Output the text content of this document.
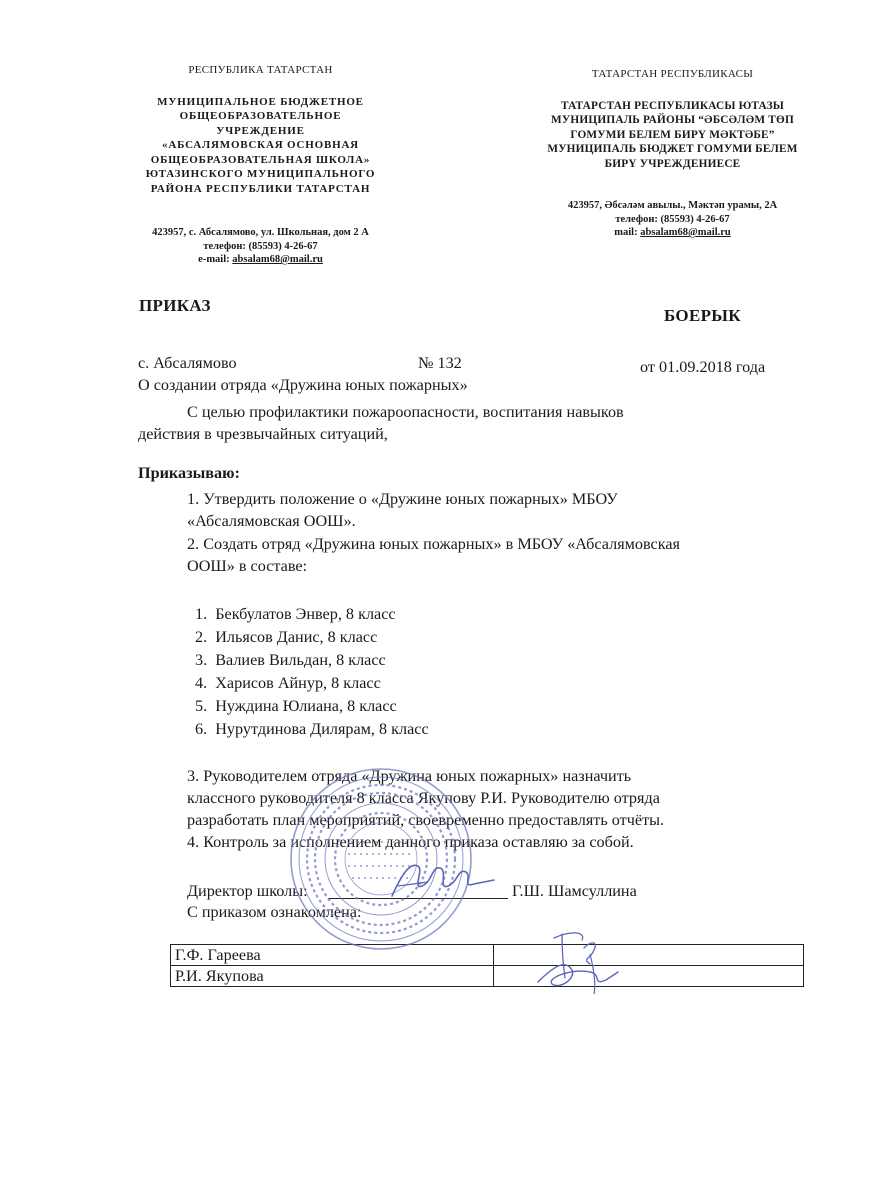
РЕСПУБЛИКА ТАТАРСТАН
МУНИЦИПАЛЬНОЕ БЮДЖЕТНОЕ
ОБЩЕОБРАЗОВАТЕЛЬНОЕ
УЧРЕЖДЕНИЕ
«АБСАЛЯМОВСКАЯ ОСНОВНАЯ
ОБЩЕОБРАЗОВАТЕЛЬНАЯ ШКОЛА»
ЮТАЗИНСКОГО МУНИЦИПАЛЬНОГО
РАЙОНА РЕСПУБЛИКИ ТАТАРСТАН
423957, с. Абсалямово, ул. Школьная, дом 2 А
телефон: (85593) 4-26-67
e-mail: absalam68@mail.ru
ТАТАРСТАН РЕСПУБЛИКАСЫ
ТАТАРСТАН РЕСПУБЛИКАСЫ ЮТАЗЫ
МУНИЦИПАЛЬ РАЙОНЫ “ӘБСӘЛӘМ ТӨП
ГОМУМИ БЕЛЕМ БИРҮ МӘКТӘБЕ”
МУНИЦИПАЛЬ БЮДЖЕТ ГОМУМИ БЕЛЕМ
БИРҮ УЧРЕЖДЕНИЕСЕ
423957, Әбсәләм авылы., Мәктәп урамы, 2А
телефон: (85593) 4-26-67
mail: absalam68@mail.ru
ПРИКАЗ
БОЕРЫК
с. Абсалямово	№ 132	от 01.09.2018 года
О создании отряда «Дружина юных пожарных»
С целью профилактики пожароопасности, воспитания навыков
действия в чрезвычайных ситуаций,
Приказываю:
1. Утвердить положение о «Дружине юных пожарных» МБОУ
«Абсалямовская ООШ».
2. Создать отряд «Дружина юных пожарных» в МБОУ «Абсалямовская
ООШ» в составе:
1.  Бекбулатов Энвер, 8 класс
2.  Ильясов Данис, 8 класс
3.  Валиев Вильдан, 8 класс
4.  Харисов Айнур, 8 класс
5.  Нуждина Юлиана, 8 класс
6.  Нурутдинова Дилярам, 8 класс
3. Руководителем отряда «Дружина юных пожарных» назначить
классного руководителя 8 класса Якупову Р.И. Руководителю отряда
разработать план мероприятий, своевременно предоставлять отчёты.
4. Контроль за исполнением данного приказа оставляю за собой.
Директор школы:	Г.Ш. Шамсуллина
С приказом ознакомлена:
Г.Ф. Гареева	
Р.И. Якупова	
